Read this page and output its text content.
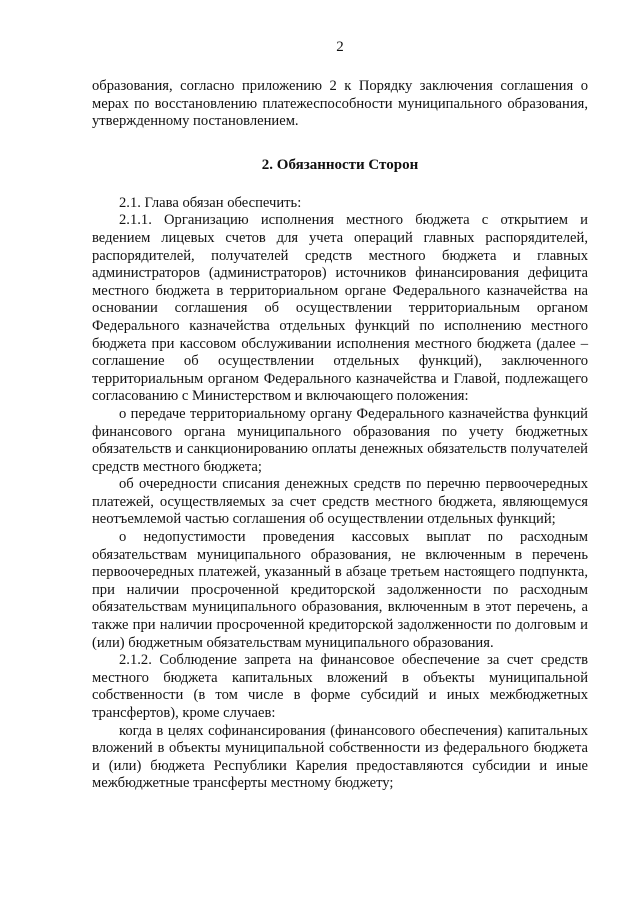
2

образования, согласно приложению 2 к Порядку заключения соглашения о мерах по восстановлению платежеспособности муниципального образования, утвержденному постановлением.

2. Обязанности Сторон

2.1. Глава обязан обеспечить:

2.1.1. Организацию исполнения местного бюджета с открытием и ведением лицевых счетов для учета операций главных распорядителей, распорядителей, получателей средств местного бюджета и главных администраторов (администраторов) источников финансирования дефицита местного бюджета в территориальном органе Федерального казначейства на основании соглашения об осуществлении территориальным органом Федерального казначейства отдельных функций по исполнению местного бюджета при кассовом обслуживании исполнения местного бюджета (далее – соглашение об осуществлении отдельных функций), заключенного территориальным органом Федерального казначейства и Главой, подлежащего согласованию с Министерством и включающего положения:

о передаче территориальному органу Федерального казначейства функций финансового органа муниципального образования по учету бюджетных обязательств и санкционированию оплаты денежных обязательств получателей средств местного бюджета;

об очередности списания денежных средств по перечню первоочередных платежей, осуществляемых за счет средств местного бюджета, являющемуся неотъемлемой частью соглашения об осуществлении отдельных функций;

о недопустимости проведения кассовых выплат по расходным обязательствам муниципального образования, не включенным в перечень первоочередных платежей, указанный в абзаце третьем настоящего подпункта, при наличии просроченной кредиторской задолженности по расходным обязательствам муниципального образования, включенным в этот перечень, а также при наличии просроченной кредиторской задолженности по долговым и (или) бюджетным обязательствам муниципального образования.

2.1.2. Соблюдение запрета на финансовое обеспечение за счет средств местного бюджета капитальных вложений в объекты муниципальной собственности (в том числе в форме субсидий и иных межбюджетных трансфертов), кроме случаев:

когда в целях софинансирования (финансового обеспечения) капитальных вложений в объекты муниципальной собственности из федерального бюджета и (или) бюджета Республики Карелия предоставляются субсидии и иные межбюджетные трансферты местному бюджету;
